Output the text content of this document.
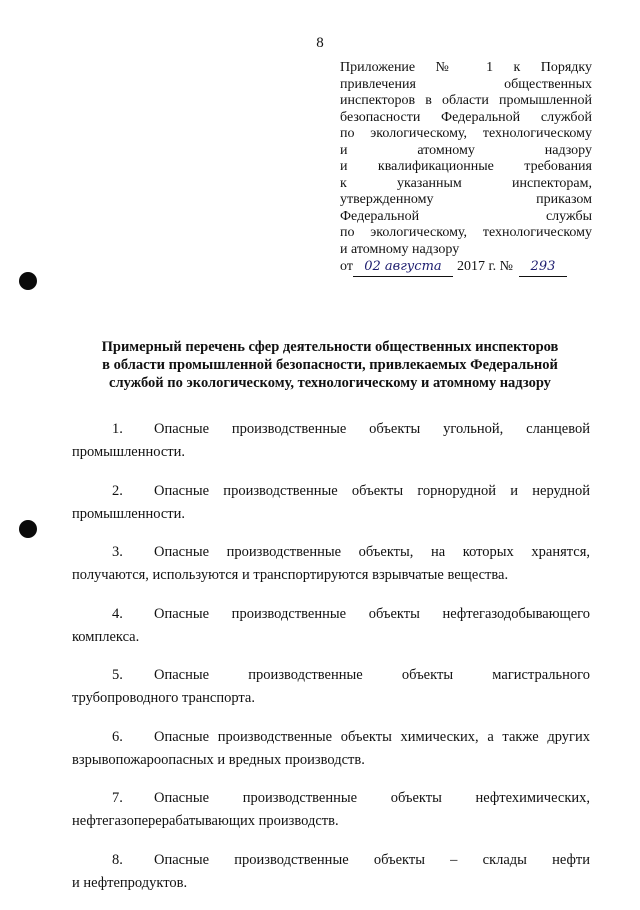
8
Приложение № 1 к Порядку
привлечения общественных
инспекторов в области промышленной
безопасности Федеральной службой
по экологическому, технологическому
и атомному надзору
и квалификационные требования
к указанным инспекторам,
утвержденному приказом
Федеральной службы
по экологическому, технологическому
и атомному надзору
от 02 августа	2017 г. №	293
Примерный перечень сфер деятельности общественных инспекторов
в области промышленной безопасности, привлекаемых Федеральной
службой по экологическому, технологическому и атомному надзору
1.	Опасные производственные объекты угольной, сланцевой
промышленности.
2.	Опасные производственные объекты горнорудной и нерудной
промышленности.
3.	Опасные производственные объекты, на которых хранятся,
получаются, используются и транспортируются взрывчатые вещества.
4.	Опасные производственные объекты нефтегазодобывающего
комплекса.
5.	Опасные производственные объекты магистрального
трубопроводного транспорта.
6.	Опасные производственные объекты химических, а также других
взрывопожароопасных и вредных производств.
7.	Опасные производственные объекты нефтехимических,
нефтегазоперерабатывающих производств.
8.	Опасные производственные объекты – склады нефти
и нефтепродуктов.
